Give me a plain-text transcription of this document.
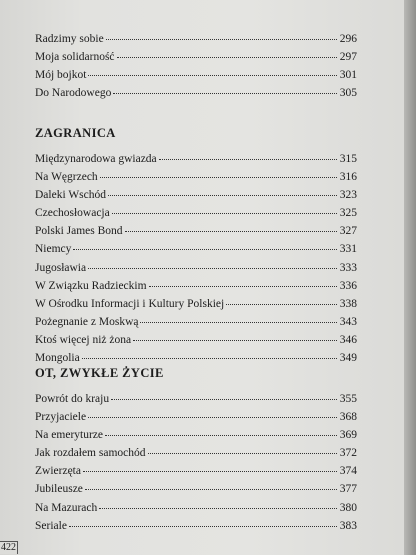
Radzimy sobie	296
Moja solidarność	297
Mój bojkot	301
Do Narodowego	305
ZAGRANICA
Międzynarodowa gwiazda	315
Na Węgrzech	316
Daleki Wschód	323
Czechosłowacja	325
Polski James Bond	327
Niemcy	331
Jugosławia	333
W Związku Radzieckim	336
W Ośrodku Informacji i Kultury Polskiej	338
Pożegnanie z Moskwą	343
Ktoś więcej niż żona	346
Mongolia	349
OT, ZWYKŁE ŻYCIE
Powrót do kraju	355
Przyjaciele	368
Na emeryturze	369
Jak rozdałem samochód	372
Zwierzęta	374
Jubileusze	377
Na Mazurach	380
Seriale	383
422
